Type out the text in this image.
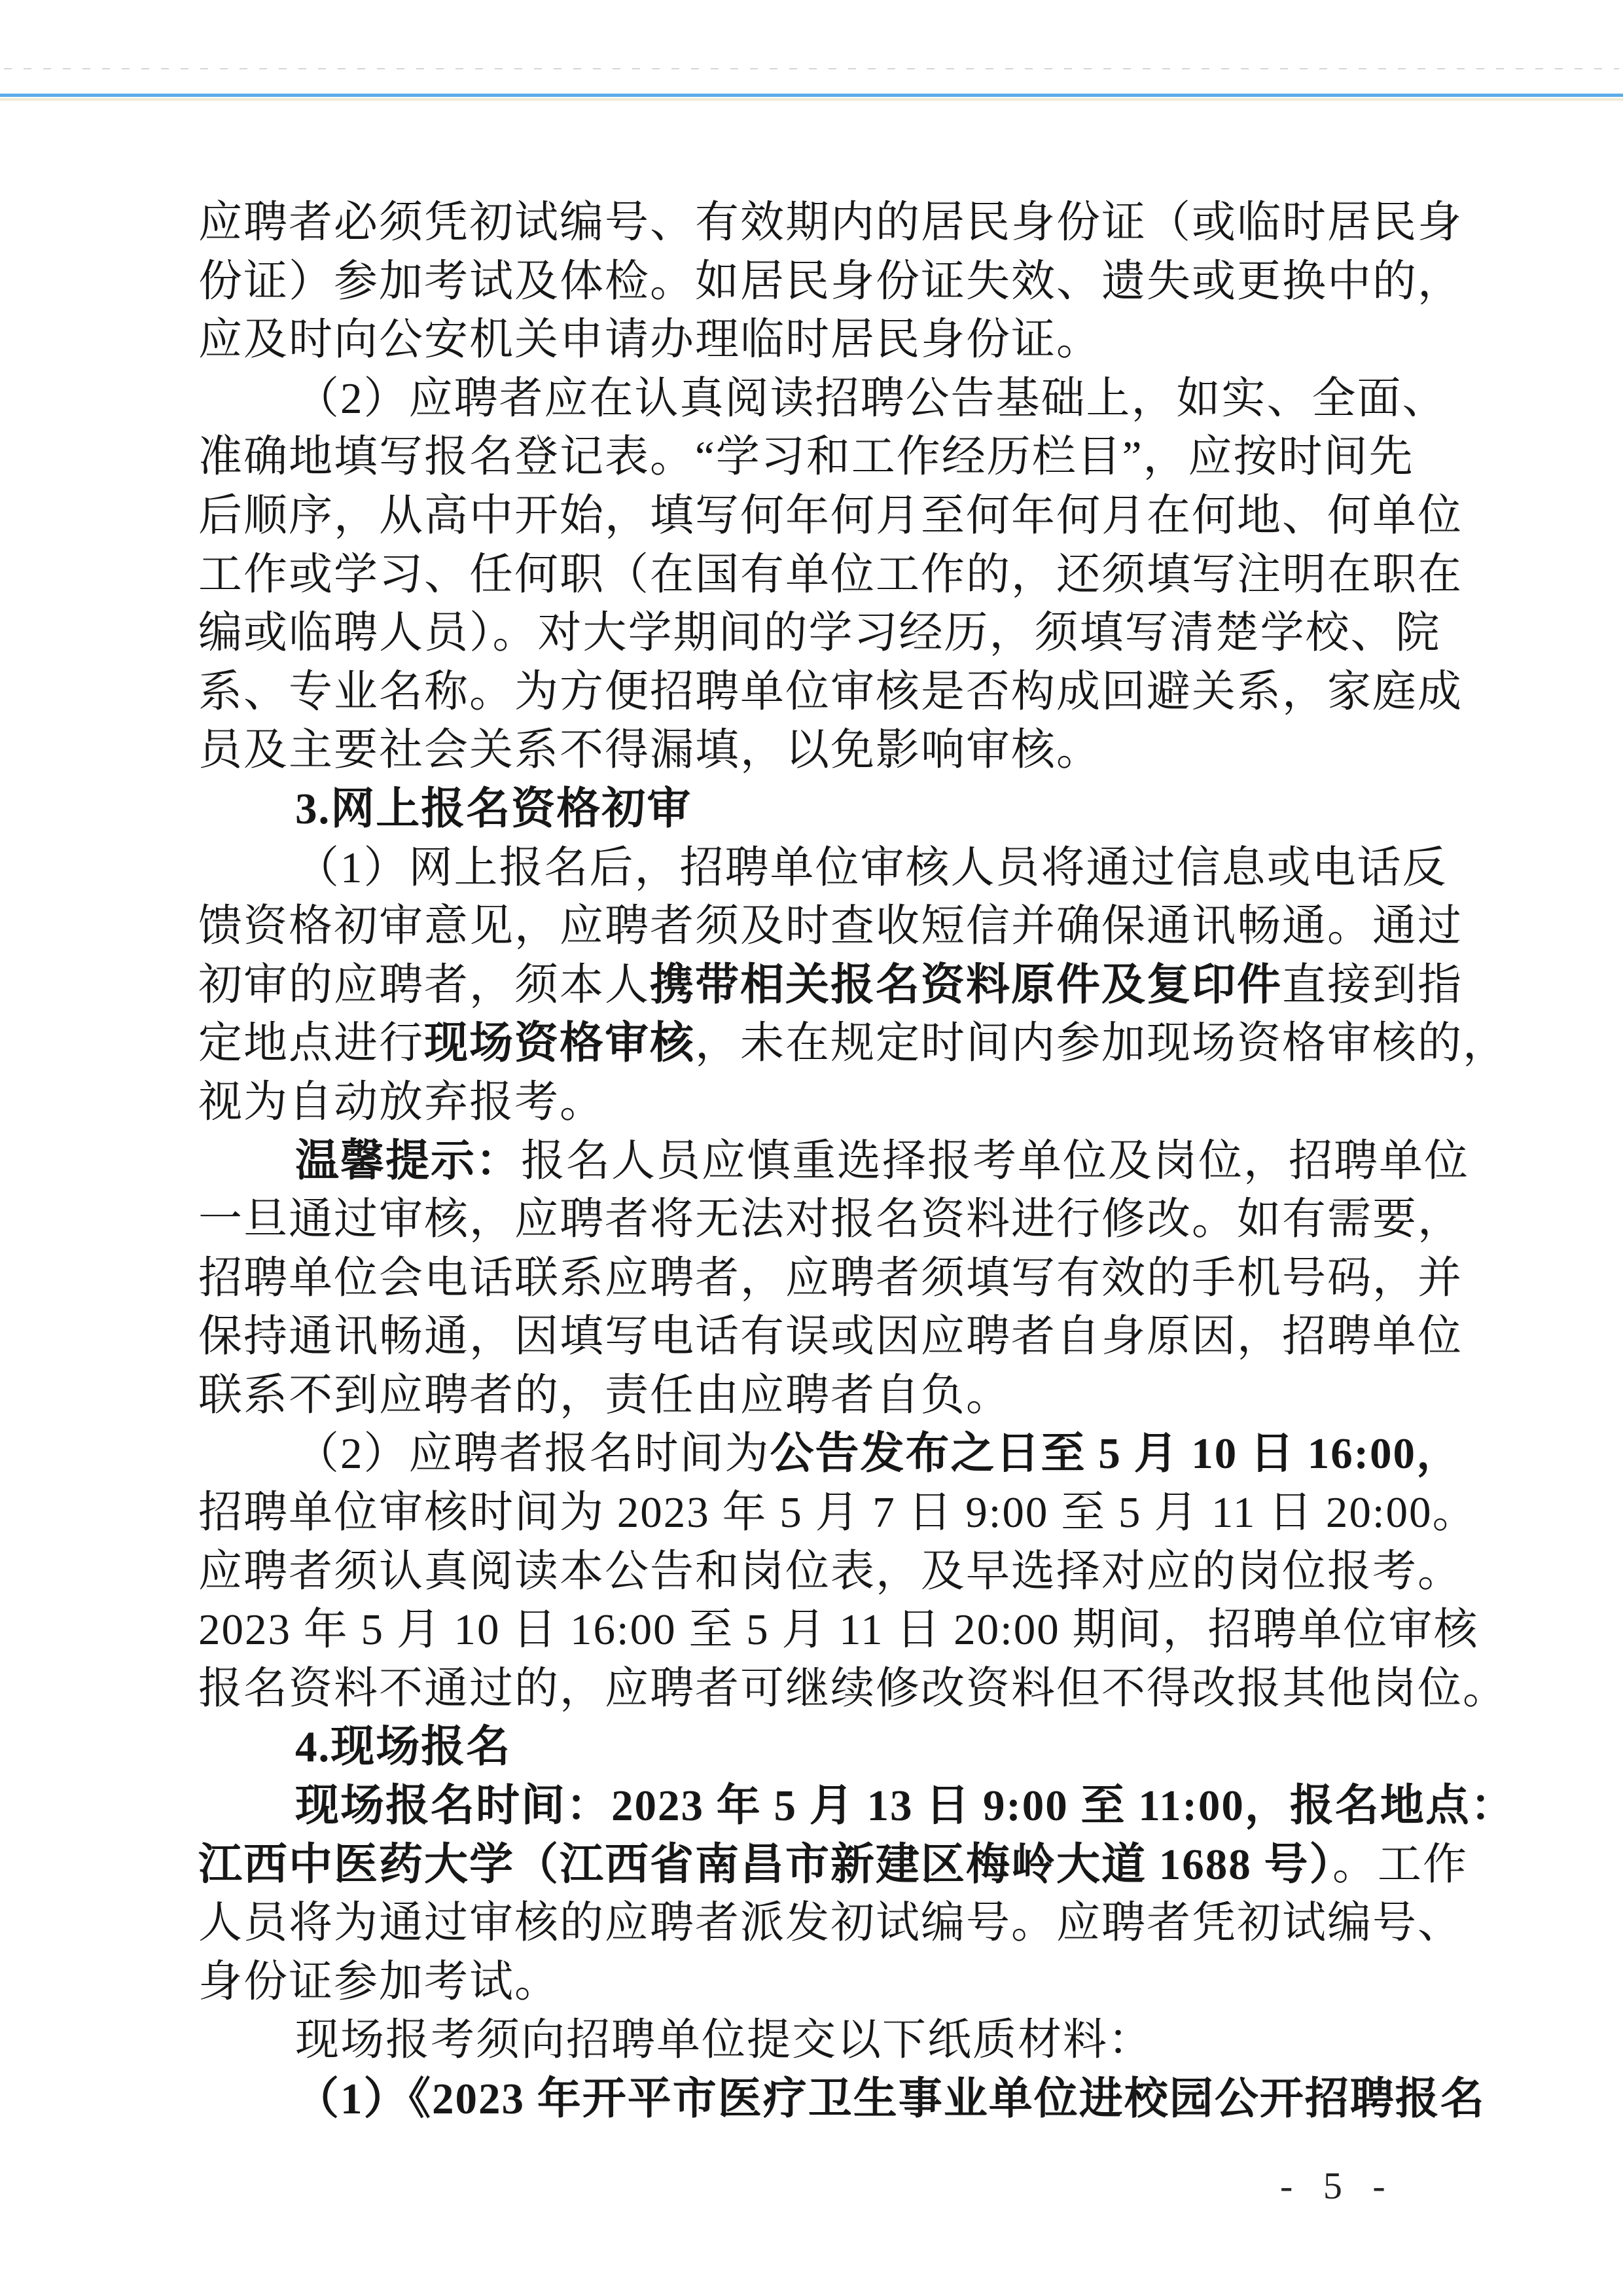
应聘者必须凭初试编号、有效期内的居民身份证（或临时居民身
份证）参加考试及体检。如居民身份证失效、遗失或更换中的，
应及时向公安机关申请办理临时居民身份证。
（2）应聘者应在认真阅读招聘公告基础上，如实、全面、
准确地填写报名登记表。“学习和工作经历栏目”，应按时间先
后顺序，从高中开始，填写何年何月至何年何月在何地、何单位
工作或学习、任何职（在国有单位工作的，还须填写注明在职在
编或临聘人员）。对大学期间的学习经历，须填写清楚学校、院
系、专业名称。为方便招聘单位审核是否构成回避关系，家庭成
员及主要社会关系不得漏填，以免影响审核。
3.网上报名资格初审
（1）网上报名后，招聘单位审核人员将通过信息或电话反
馈资格初审意见，应聘者须及时查收短信并确保通讯畅通。通过
初审的应聘者，须本人携带相关报名资料原件及复印件直接到指
定地点进行现场资格审核，未在规定时间内参加现场资格审核的，
视为自动放弃报考。
温馨提示：报名人员应慎重选择报考单位及岗位，招聘单位
一旦通过审核，应聘者将无法对报名资料进行修改。如有需要，
招聘单位会电话联系应聘者，应聘者须填写有效的手机号码，并
保持通讯畅通，因填写电话有误或因应聘者自身原因，招聘单位
联系不到应聘者的，责任由应聘者自负。
（2）应聘者报名时间为公告发布之日至 5 月 10 日 16:00，
招聘单位审核时间为 2023 年 5 月 7 日 9:00 至 5 月 11 日 20:00。
应聘者须认真阅读本公告和岗位表，及早选择对应的岗位报考。
2023 年 5 月 10 日 16:00 至 5 月 11 日 20:00 期间，招聘单位审核
报名资料不通过的，应聘者可继续修改资料但不得改报其他岗位。
4.现场报名
现场报名时间：2023 年 5 月 13 日 9:00 至 11:00，报名地点：
江西中医药大学（江西省南昌市新建区梅岭大道 1688 号）。工作
人员将为通过审核的应聘者派发初试编号。应聘者凭初试编号、
身份证参加考试。
现场报考须向招聘单位提交以下纸质材料：
（1）《2023 年开平市医疗卫生事业单位进校园公开招聘报名
- 5 -
